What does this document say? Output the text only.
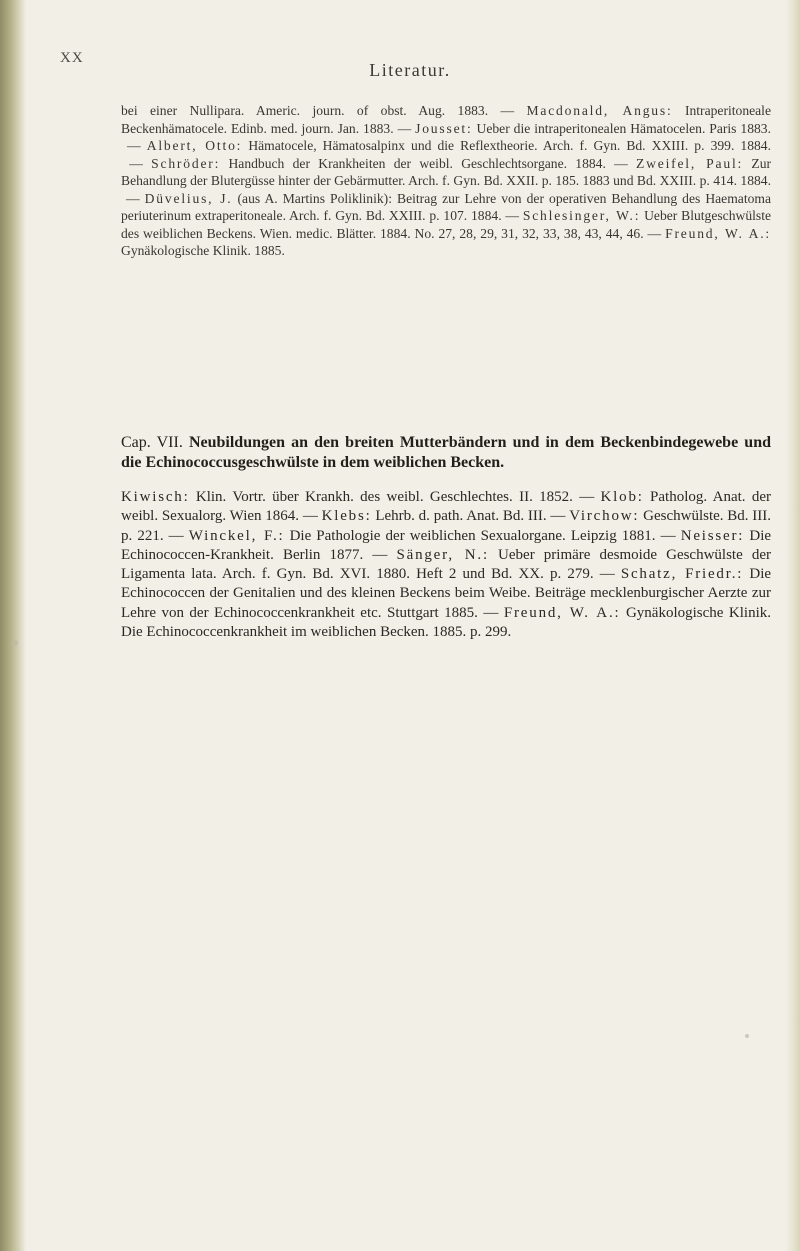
XX
Literatur.
bei einer Nullipara. Americ. journ. of obst. Aug. 1883. — Macdonald, Angus: Intraperitoneale Beckenhämatocele. Edinb. med. journ. Jan. 1883. — Jousset: Ueber die intraperitonealen Hämatocelen. Paris 1883. — Albert, Otto: Hämatocele, Hämatosalpinx und die Reflextheorie. Arch. f. Gyn. Bd. XXIII. p. 399. 1884. — Schröder: Handbuch der Krankheiten der weibl. Geschlechtsorgane. 1884. — Zweifel, Paul: Zur Behandlung der Blutergüsse hinter der Gebärmutter. Arch. f. Gyn. Bd. XXII. p. 185. 1883 und Bd. XXIII. p. 414. 1884. — Düvelius, J. (aus A. Martins Poliklinik): Beitrag zur Lehre von der operativen Behandlung des Haematoma periuterinum extraperitoneale. Arch. f. Gyn. Bd. XXIII. p. 107. 1884. — Schlesinger, W.: Ueber Blutgeschwülste des weiblichen Beckens. Wien. medic. Blätter. 1884. No. 27, 28, 29, 31, 32, 33, 38, 43, 44, 46. — Freund, W. A.: Gynäkologische Klinik. 1885.
Cap. VII. Neubildungen an den breiten Mutterbändern und in dem Beckenbindegewebe und die Echinococcusgeschwülste in dem weiblichen Becken.
Kiwisch: Klin. Vortr. über Krankh. des weibl. Geschlechtes. II. 1852. — Klob: Patholog. Anat. der weibl. Sexualorg. Wien 1864. — Klebs: Lehrb. d. path. Anat. Bd. III. — Virchow: Geschwülste. Bd. III. p. 221. — Winckel, F.: Die Pathologie der weiblichen Sexualorgane. Leipzig 1881. — Neisser: Die Echinococcen-Krankheit. Berlin 1877. — Sänger, N.: Ueber primäre desmoide Geschwülste der Ligamenta lata. Arch. f. Gyn. Bd. XVI. 1880. Heft 2 und Bd. XX. p. 279. — Schatz, Friedr.: Die Echinococcen der Genitalien und des kleinen Beckens beim Weibe. Beiträge mecklenburgischer Aerzte zur Lehre von der Echinococcenkrankheit etc. Stuttgart 1885. — Freund, W. A.: Gynäkologische Klinik. Die Echinococcenkrankheit im weiblichen Becken. 1885. p. 299.
